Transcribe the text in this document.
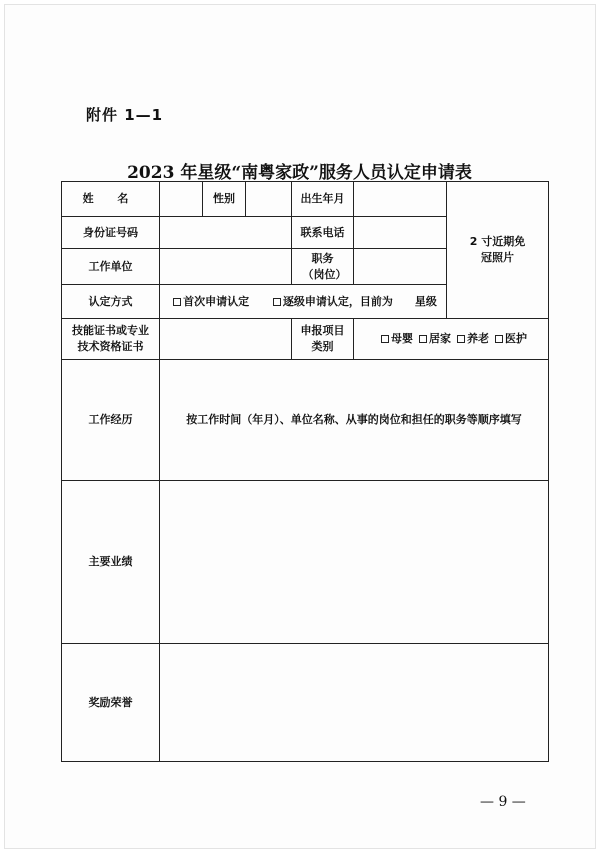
附件 1—1
2023 年星级“南粤家政”服务人员认定申请表
姓 名		性别		出生年月		2 寸近期免冠照片

身份证号码				联系电话		
工作单位				职务（岗位）		

认定方式	首次申请认定 逐级申请认定，目前为 星级					

技能证书或专业技术资格证书				申报项目类别	母婴 居家 养老 医护	
工作经历	按工作时间（年月）、单位名称、从事的岗位和担任的职务等顺序填写					
主要业绩						
奖励荣誉						
— 9 —
